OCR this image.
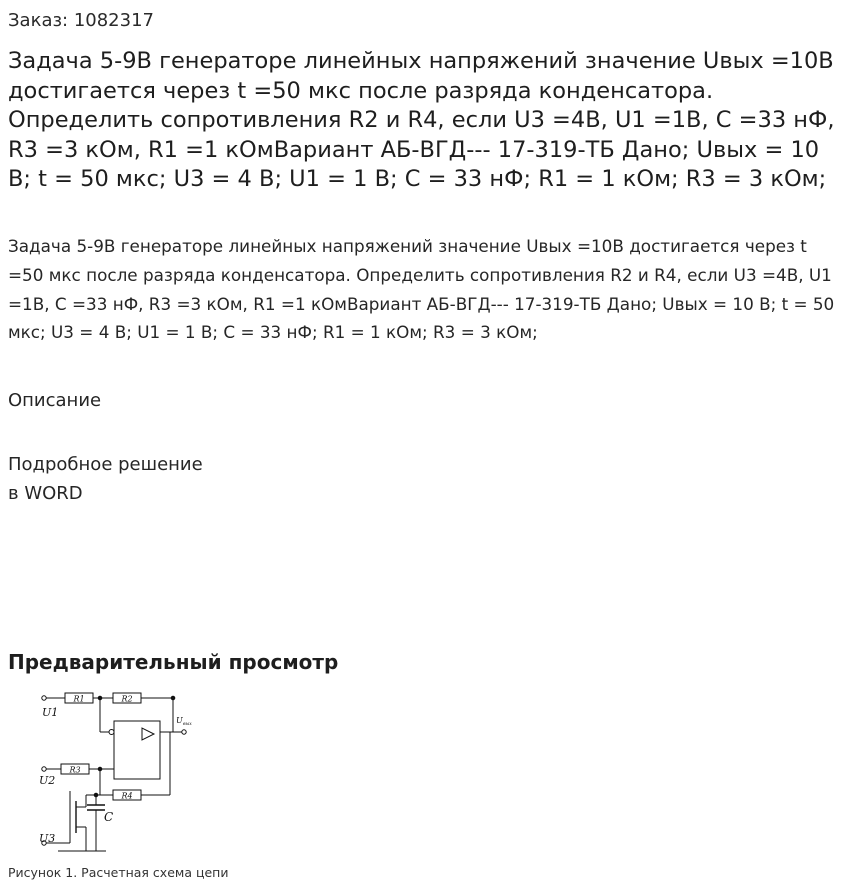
Заказ: 1082317
Задача 5-9В генераторе линейных напряжений значение Uвых =10В достигается через t =50 мкс после разряда конденсатора. Определить сопротивления R2 и R4, если U3 =4В, U1 =1В, C =33 нФ, R3 =3 кОм, R1 =1 кОмВариант АБ-ВГД--- 17-319-ТБ Дано; Uвых = 10 В; t = 50 мкс; U3 = 4 В; U1 = 1 В; C = 33 нФ; R1 = 1 кОм; R3 = 3 кОм;

Задача 5-9В генераторе линейных напряжений значение Uвых =10В достигается через t =50 мкс после разряда конденсатора. Определить сопротивления R2 и R4, если U3 =4В, U1 =1В, C =33 нФ, R3 =3 кОм, R1 =1 кОмВариант АБ-ВГД--- 17-319-ТБ Дано; Uвых = 10 В; t = 50 мкс; U3 = 4 В; U1 = 1 В; C = 33 нФ; R1 = 1 кОм; R3 = 3 кОм;

Описание
Подробное решение
в WORD
Предварительный просмотр
R1	R2
R3
R4
U1
U2
U3
C
U вых
Рисунок 1. Расчетная схема цепи
